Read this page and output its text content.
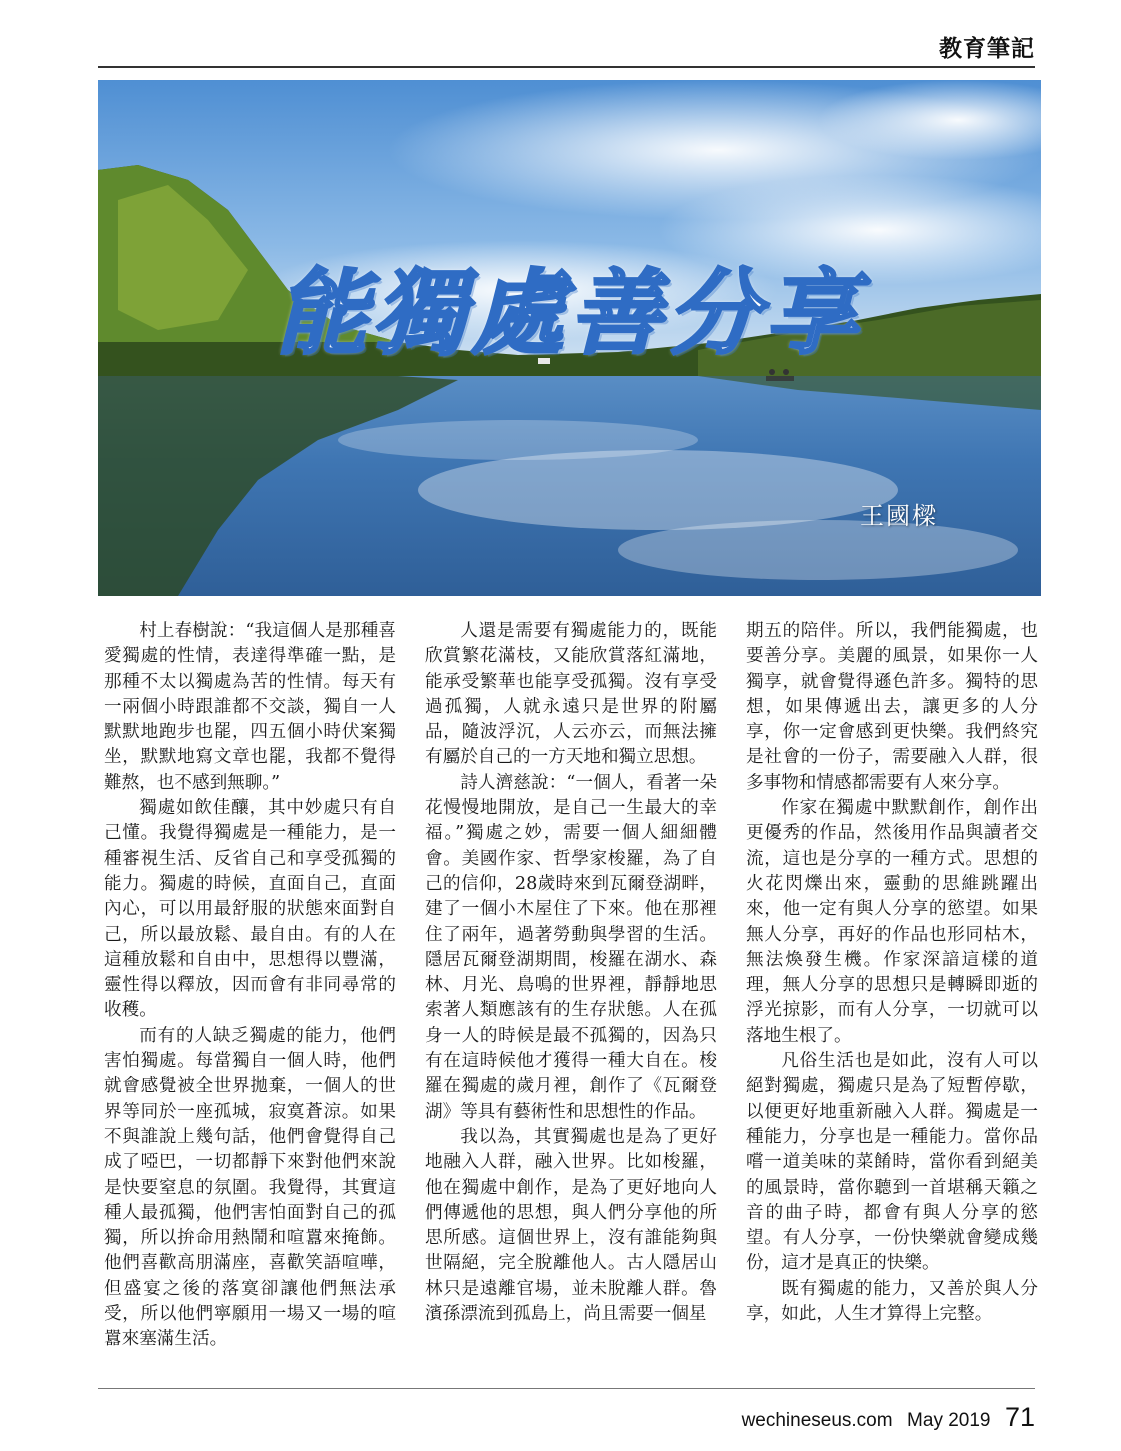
教育筆記
能獨處善分享
王國樑

村上春樹說：“我這個人是那種喜愛獨處的性情，表達得準確一點，是那種不太以獨處為苦的性情。每天有一兩個小時跟誰都不交談，獨自一人默默地跑步也罷，四五個小時伏案獨坐，默默地寫文章也罷，我都不覺得難熬，也不感到無聊。”

獨處如飲佳釀，其中妙處只有自己懂。我覺得獨處是一種能力，是一種審視生活、反省自己和享受孤獨的能力。獨處的時候，直面自己，直面內心，可以用最舒服的狀態來面對自己，所以最放鬆、最自由。有的人在這種放鬆和自由中，思想得以豐滿，靈性得以釋放，因而會有非同尋常的收穫。

而有的人缺乏獨處的能力，他們害怕獨處。每當獨自一個人時，他們就會感覺被全世界拋棄，一個人的世界等同於一座孤城，寂寞蒼涼。如果不與誰說上幾句話，他們會覺得自己成了啞巴，一切都靜下來對他們來說是快要窒息的氛圍。我覺得，其實這種人最孤獨，他們害怕面對自己的孤獨，所以拚命用熱鬧和喧囂來掩飾。他們喜歡高朋滿座，喜歡笑語喧嘩，但盛宴之後的落寞卻讓他們無法承受，所以他們寧願用一場又一場的喧囂來塞滿生活。

人還是需要有獨處能力的，既能欣賞繁花滿枝，又能欣賞落紅滿地，能承受繁華也能享受孤獨。沒有享受過孤獨，人就永遠只是世界的附屬品，隨波浮沉，人云亦云，而無法擁有屬於自己的一方天地和獨立思想。

詩人濟慈說：“一個人，看著一朵花慢慢地開放，是自己一生最大的幸福。”獨處之妙，需要一個人細細體會。美國作家、哲學家梭羅，為了自己的信仰，28歲時來到瓦爾登湖畔，建了一個小木屋住了下來。他在那裡住了兩年，過著勞動與學習的生活。隱居瓦爾登湖期間，梭羅在湖水、森林、月光、鳥鳴的世界裡，靜靜地思索著人類應該有的生存狀態。人在孤身一人的時候是最不孤獨的，因為只有在這時候他才獲得一種大自在。梭羅在獨處的歲月裡，創作了《瓦爾登湖》等具有藝術性和思想性的作品。

我以為，其實獨處也是為了更好地融入人群，融入世界。比如梭羅，他在獨處中創作，是為了更好地向人們傳遞他的思想，與人們分享他的所思所感。這個世界上，沒有誰能夠與世隔絕，完全脫離他人。古人隱居山林只是遠離官場，並未脫離人群。魯濱孫漂流到孤島上，尚且需要一個星

期五的陪伴。所以，我們能獨處，也要善分享。美麗的風景，如果你一人獨享，就會覺得遜色許多。獨特的思想，如果傳遞出去，讓更多的人分享，你一定會感到更快樂。我們終究是社會的一份子，需要融入人群，很多事物和情感都需要有人來分享。

作家在獨處中默默創作，創作出更優秀的作品，然後用作品與讀者交流，這也是分享的一種方式。思想的火花閃爍出來，靈動的思維跳躍出來，他一定有與人分享的慾望。如果無人分享，再好的作品也形同枯木，無法煥發生機。作家深諳這樣的道理，無人分享的思想只是轉瞬即逝的浮光掠影，而有人分享，一切就可以落地生根了。

凡俗生活也是如此，沒有人可以絕對獨處，獨處只是為了短暫停歇，以便更好地重新融入人群。獨處是一種能力，分享也是一種能力。當你品嚐一道美味的菜餚時，當你看到絕美的風景時，當你聽到一首堪稱天籟之音的曲子時，都會有與人分享的慾望。有人分享，一份快樂就會變成幾份，這才是真正的快樂。

既有獨處的能力，又善於與人分享，如此，人生才算得上完整。

wechineseus.com May 2019 71
